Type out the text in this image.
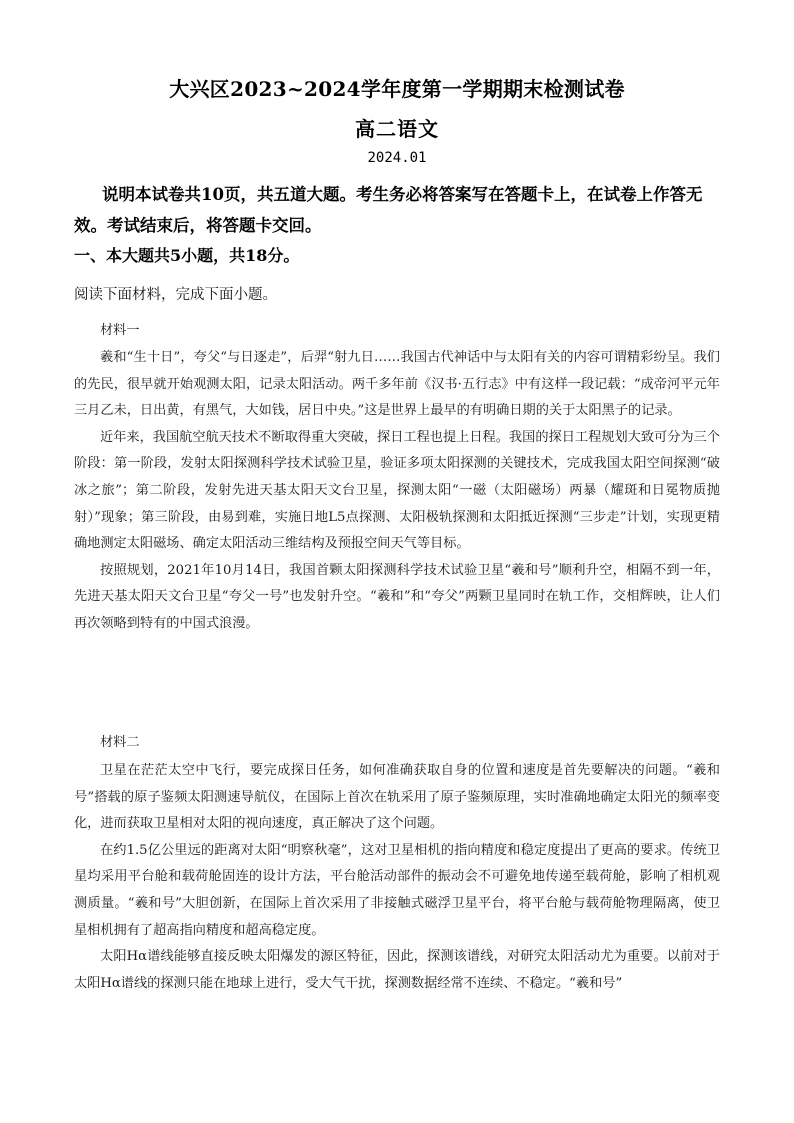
大兴区2023~2024学年度第一学期期末检测试卷
高二语文
2024.01
说明本试卷共10页，共五道大题。考生务必将答案写在答题卡上，在试卷上作答无
效。考试结束后，将答题卡交回。
一、本大题共5小题，共18分。
阅读下面材料，完成下面小题。
材料一

羲和“生十日”，夸父“与日逐走”，后羿“射九日……我国古代神话中与太阳有关的内容可谓精彩纷呈。我们的先民，很早就开始观测太阳，记录太阳活动。两千多年前《汉书·五行志》中有这样一段记载：“成帝河平元年三月乙未，日出黄，有黑气，大如钱，居日中央。”这是世界上最早的有明确日期的关于太阳黑子的记录。

近年来，我国航空航天技术不断取得重大突破，探日工程也提上日程。我国的探日工程规划大致可分为三个阶段：第一阶段，发射太阳探测科学技术试验卫星，验证多项太阳探测的关键技术，完成我国太阳空间探测“破冰之旅”；第二阶段，发射先进天基太阳天文台卫星，探测太阳“一磁（太阳磁场）两暴（耀斑和日冕物质抛射）”现象；第三阶段，由易到难，实施日地L5点探测、太阳极轨探测和太阳抵近探测“三步走”计划，实现更精确地测定太阳磁场、确定太阳活动三维结构及预报空间天气等目标。

按照规划，2021年10月14日，我国首颗太阳探测科学技术试验卫星“羲和号”顺利升空，相隔不到一年，先进天基太阳天文台卫星“夸父一号”也发射升空。“羲和”和“夸父”两颗卫星同时在轨工作，交相辉映，让人们再次领略到特有的中国式浪漫。

材料二

卫星在茫茫太空中飞行，要完成探日任务，如何准确获取自身的位置和速度是首先要解决的问题。“羲和号”搭载的原子鉴频太阳测速导航仪，在国际上首次在轨采用了原子鉴频原理，实时准确地确定太阳光的频率变化，进而获取卫星相对太阳的视向速度，真正解决了这个问题。

在约1.5亿公里远的距离对太阳“明察秋毫”，这对卫星相机的指向精度和稳定度提出了更高的要求。传统卫星均采用平台舱和载荷舱固连的设计方法，平台舱活动部件的振动会不可避免地传递至载荷舱，影响了相机观测质量。“羲和号”大胆创新，在国际上首次采用了非接触式磁浮卫星平台，将平台舱与载荷舱物理隔离，使卫星相机拥有了超高指向精度和超高稳定度。

太阳Hα谱线能够直接反映太阳爆发的源区特征，因此，探测该谱线，对研究太阳活动尤为重要。以前对于太阳Hα谱线的探测只能在地球上进行，受大气干扰，探测数据经常不连续、不稳定。“羲和号”
